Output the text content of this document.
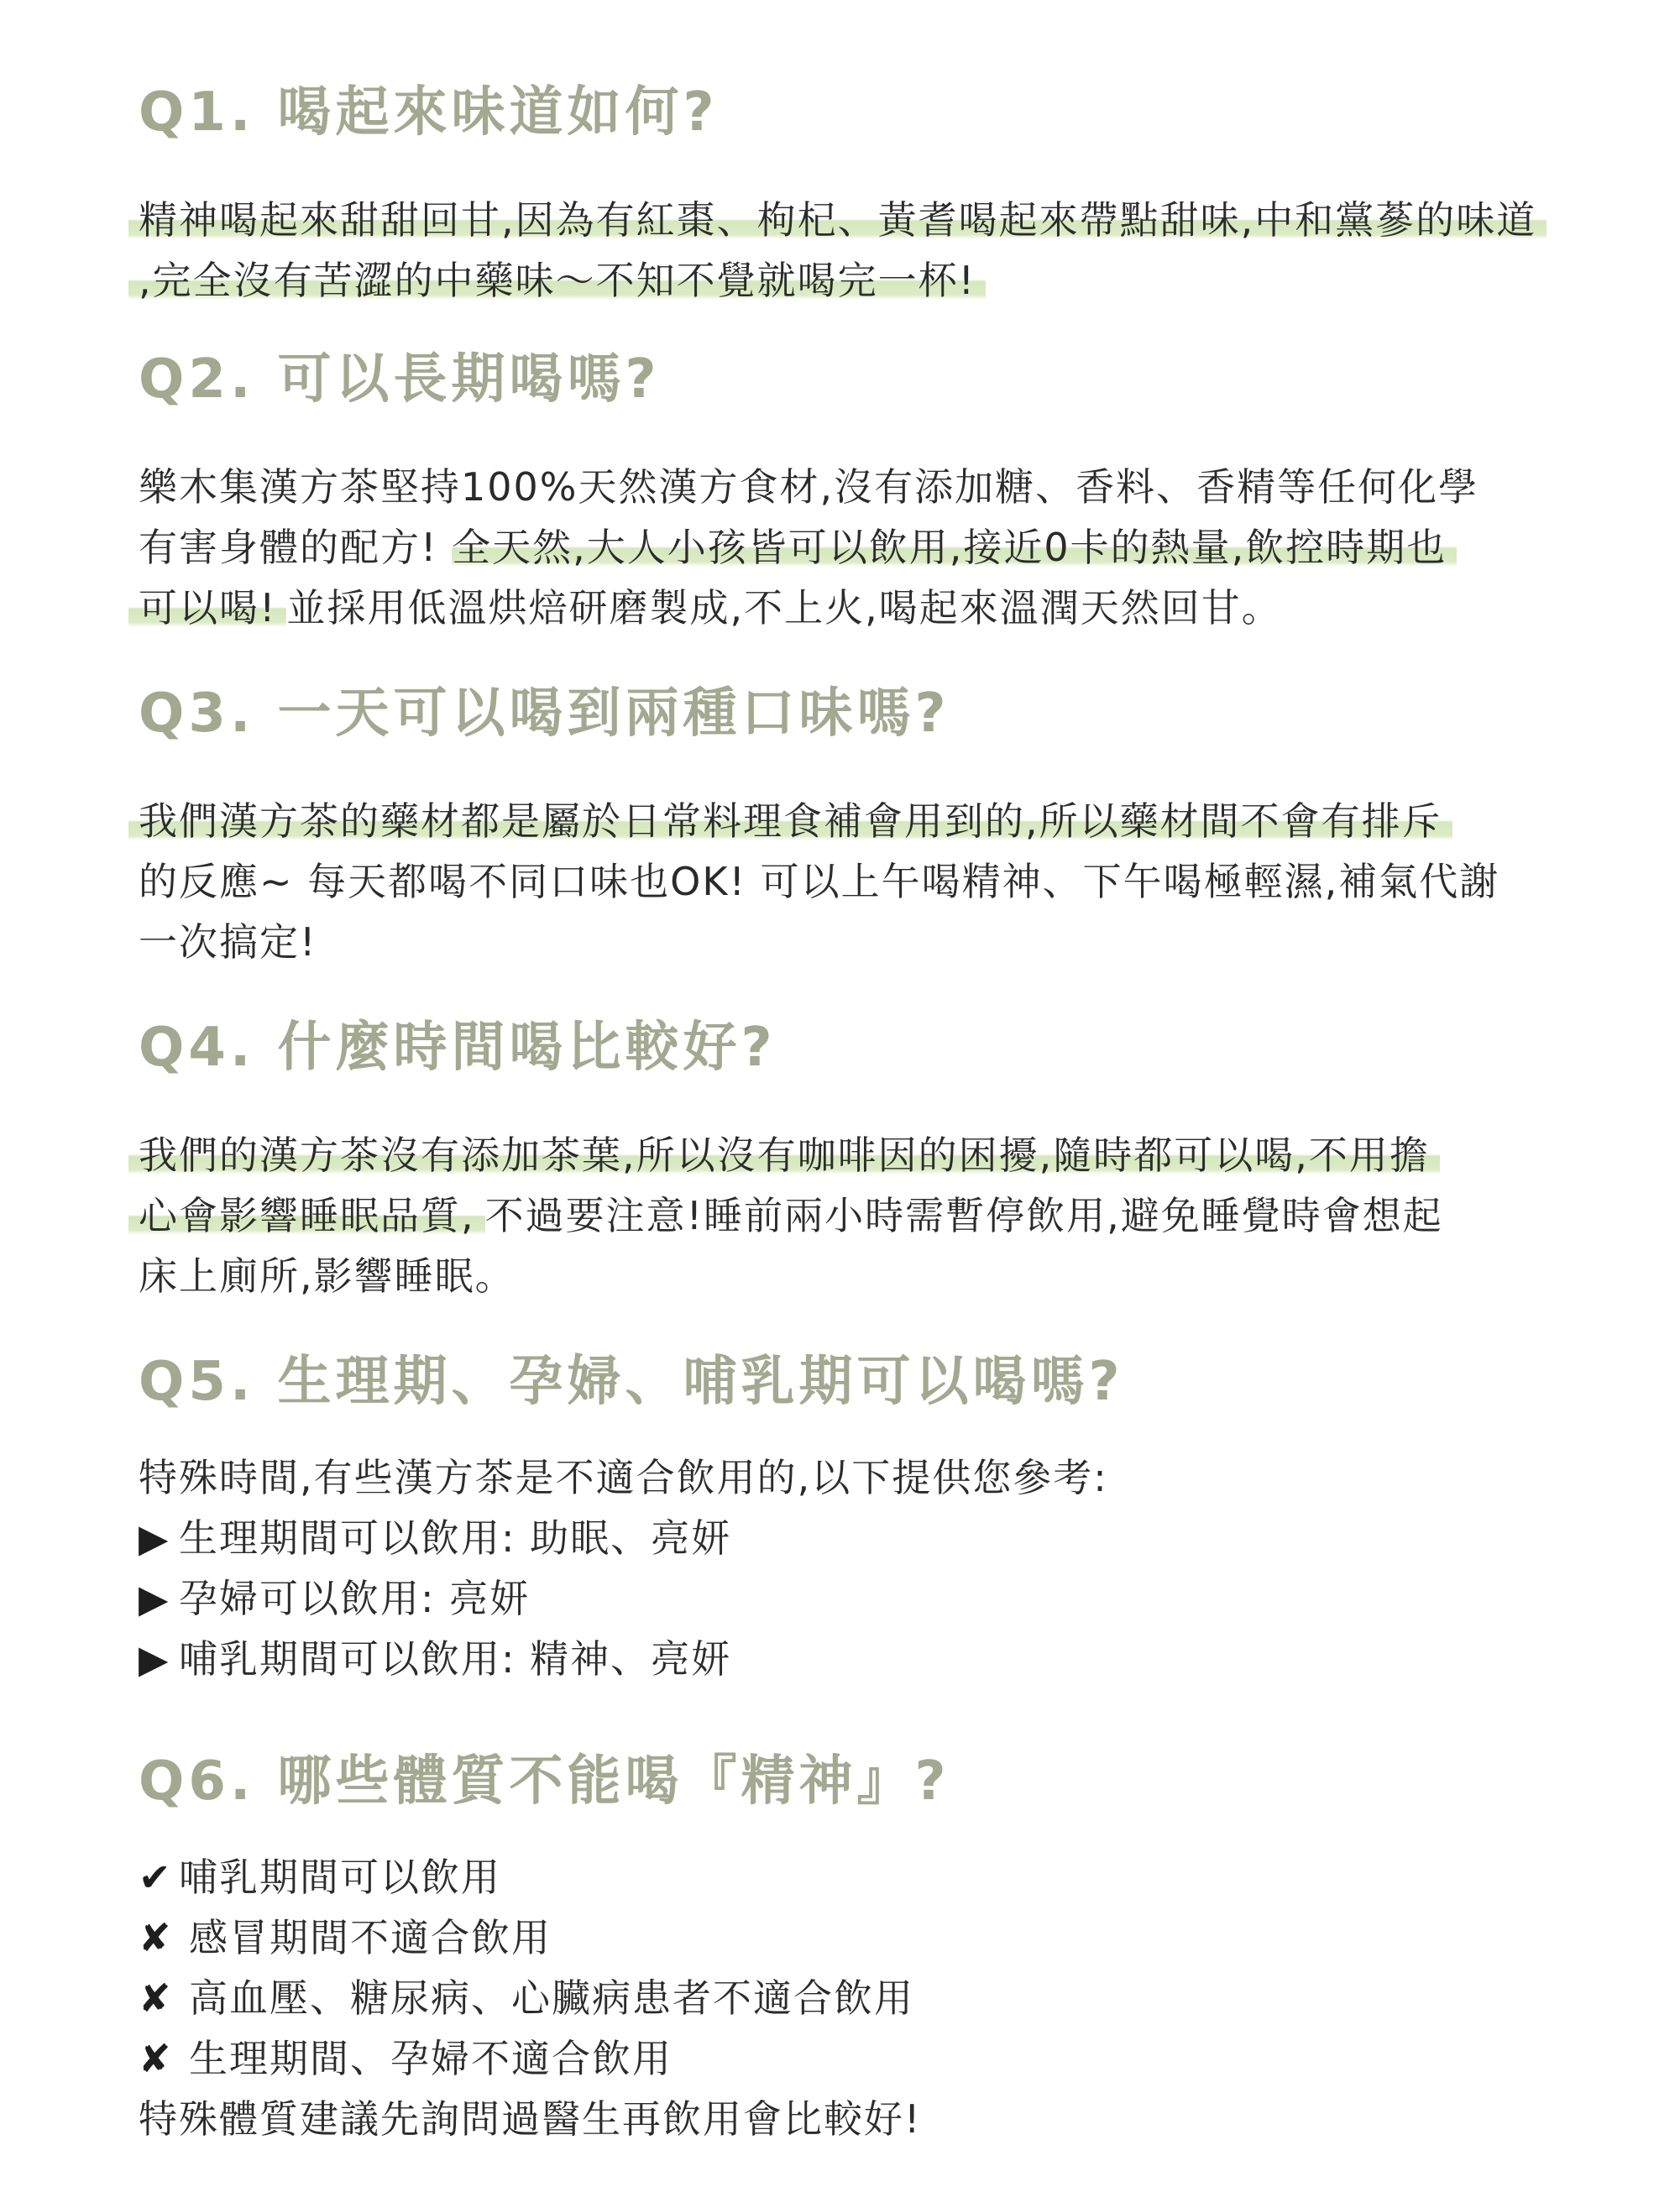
Q1. 喝起來味道如何?
精神喝起來甜甜回甘,因為有紅棗、枸杞、黃耆喝起來帶點甜味,中和黨蔘的味道
,完全沒有苦澀的中藥味～不知不覺就喝完一杯!
Q2. 可以長期喝嗎?
樂木集漢方茶堅持100%天然漢方食材,沒有添加糖、香料、香精等任何化學
有害身體的配方! 全天然,大人小孩皆可以飲用,接近0卡的熱量,飲控時期也
可以喝! 並採用低溫烘焙研磨製成,不上火,喝起來溫潤天然回甘。
Q3. 一天可以喝到兩種口味嗎?
我們漢方茶的藥材都是屬於日常料理食補會用到的,所以藥材間不會有排斥
的反應~ 每天都喝不同口味也OK! 可以上午喝精神、下午喝極輕濕,補氣代謝
一次搞定!
Q4. 什麼時間喝比較好?
我們的漢方茶沒有添加茶葉,所以沒有咖啡因的困擾,隨時都可以喝,不用擔
心會影響睡眠品質, 不過要注意!睡前兩小時需暫停飲用,避免睡覺時會想起
床上廁所,影響睡眠。
Q5. 生理期、孕婦、哺乳期可以喝嗎?
特殊時間,有些漢方茶是不適合飲用的,以下提供您參考:
▶ 生理期間可以飲用: 助眠、亮妍
▶ 孕婦可以飲用: 亮妍
▶ 哺乳期間可以飲用: 精神、亮妍
Q6. 哪些體質不能喝『精神』?
✔ 哺乳期間可以飲用
✘ 感冒期間不適合飲用
✘ 高血壓、糖尿病、心臟病患者不適合飲用
✘ 生理期間、孕婦不適合飲用
特殊體質建議先詢問過醫生再飲用會比較好!
